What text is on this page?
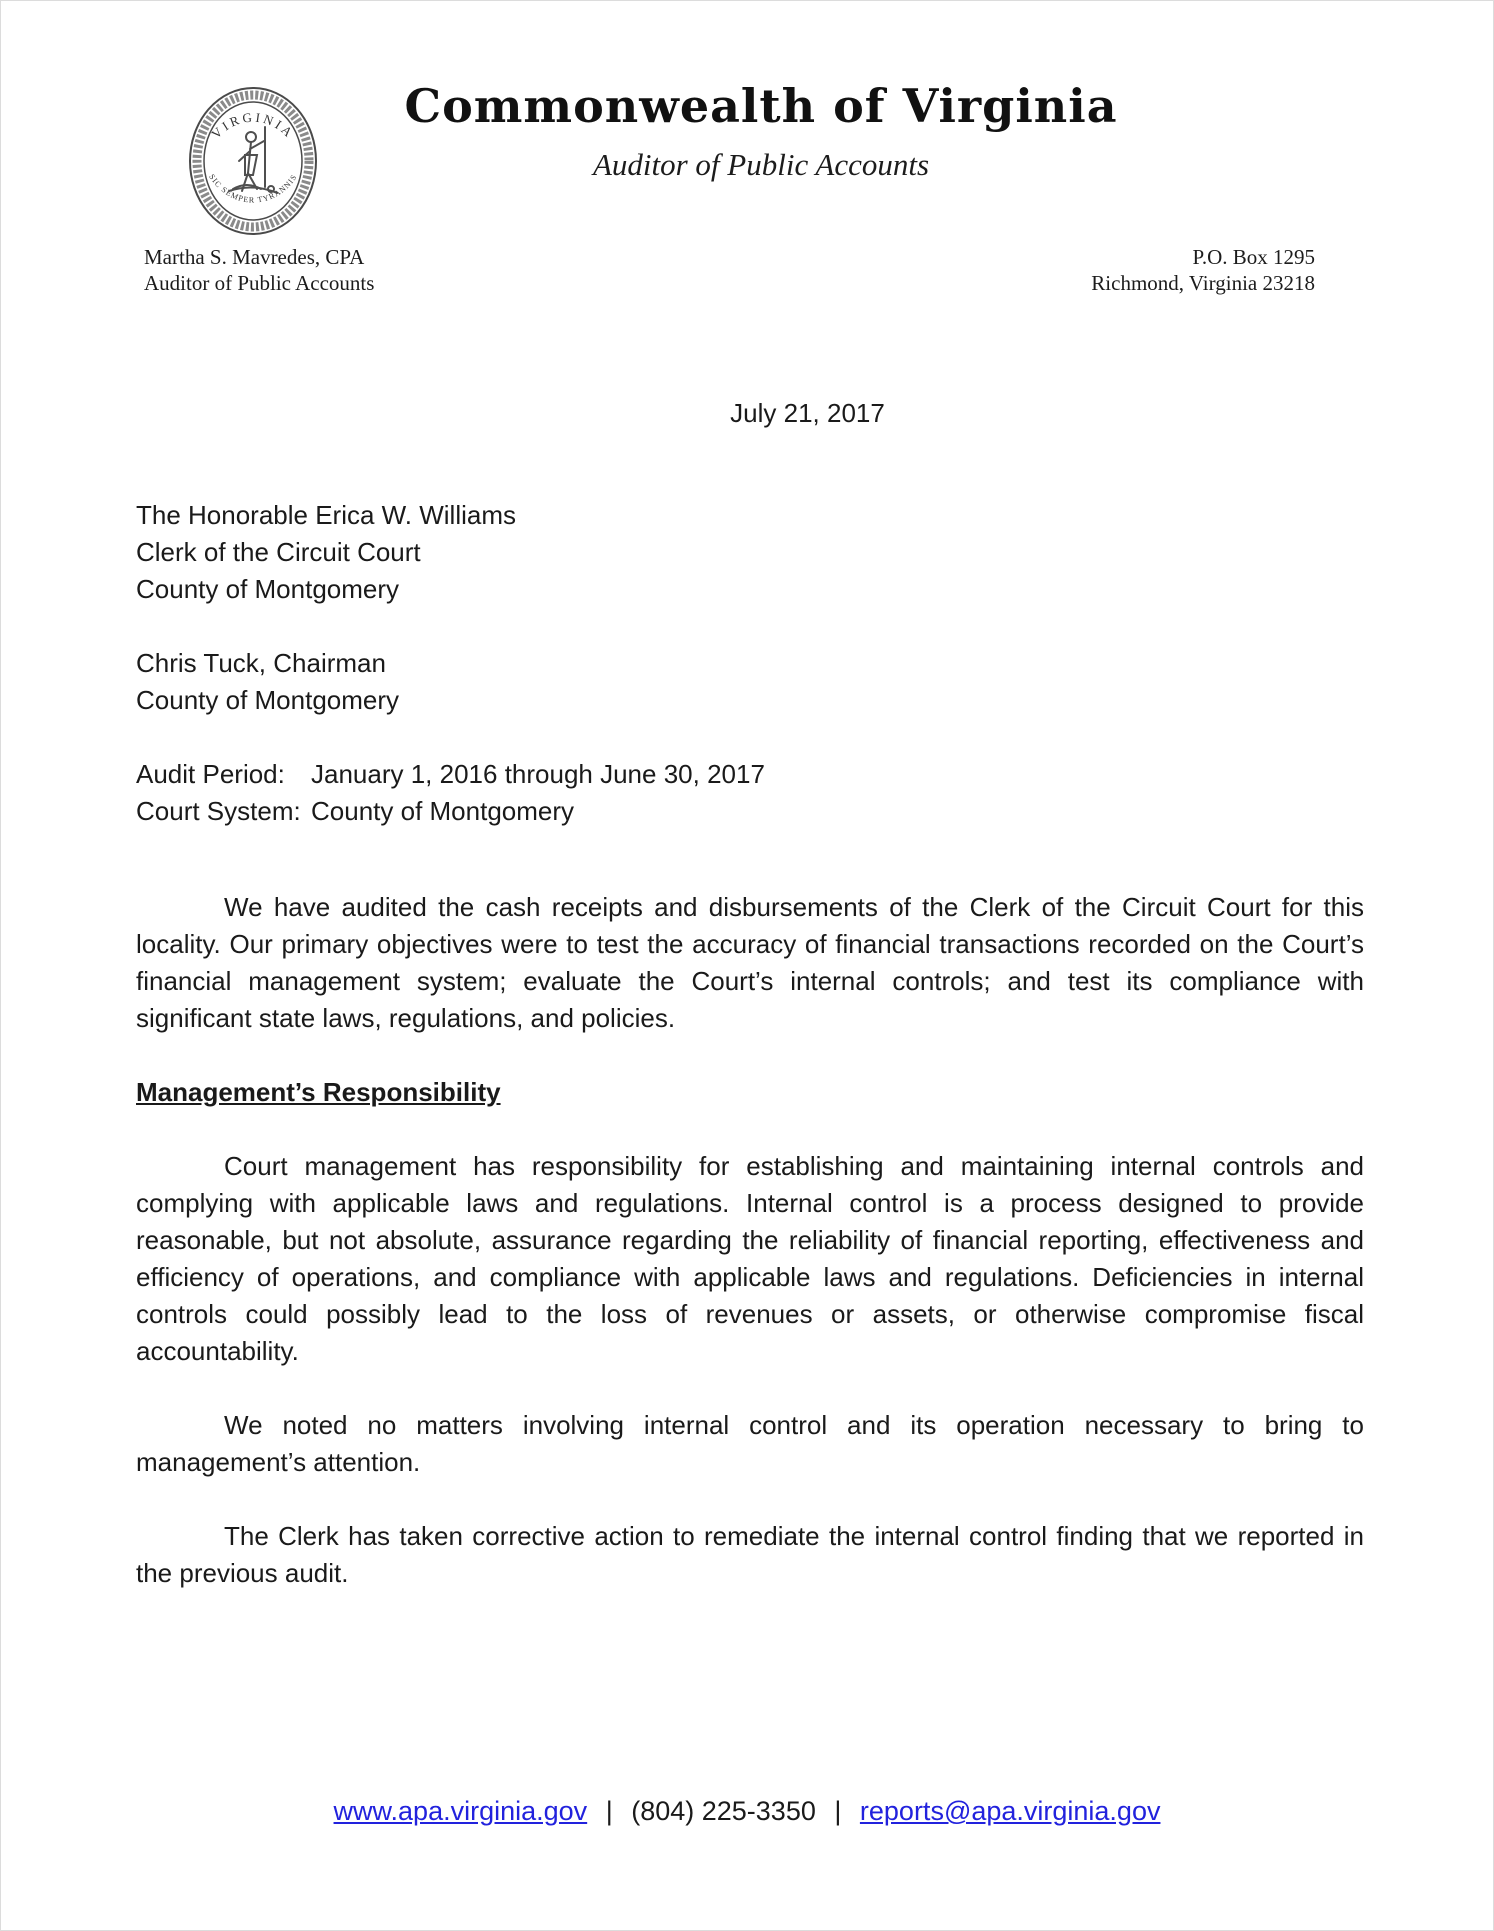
VIRGINIA
SIC SEMPER TYRANNIS
Commonwealth of Virginia
Auditor of Public Accounts
Martha S. Mavredes, CPA
Auditor of Public Accounts
P.O. Box 1295
Richmond, Virginia 23218
July 21, 2017
The Honorable Erica W. Williams
Clerk of the Circuit Court
County of Montgomery
Chris Tuck, Chairman
County of Montgomery
Audit Period:	January 1, 2016 through June 30, 2017
Court System: County of Montgomery

We have audited the cash receipts and disbursements of the Clerk of the Circuit Court for this locality. Our primary objectives were to test the accuracy of financial transactions recorded on the Court’s financial management system; evaluate the Court’s internal controls; and test its compliance with significant state laws, regulations, and policies.

Management’s Responsibility

Court management has responsibility for establishing and maintaining internal controls and complying with applicable laws and regulations. Internal control is a process designed to provide reasonable, but not absolute, assurance regarding the reliability of financial reporting, effectiveness and efficiency of operations, and compliance with applicable laws and regulations. Deficiencies in internal controls could possibly lead to the loss of revenues or assets, or otherwise compromise fiscal accountability.

We noted no matters involving internal control and its operation necessary to bring to management’s attention.

The Clerk has taken corrective action to remediate the internal control finding that we reported in the previous audit.

www.apa.virginia.gov | (804) 225-3350 | reports@apa.virginia.gov
